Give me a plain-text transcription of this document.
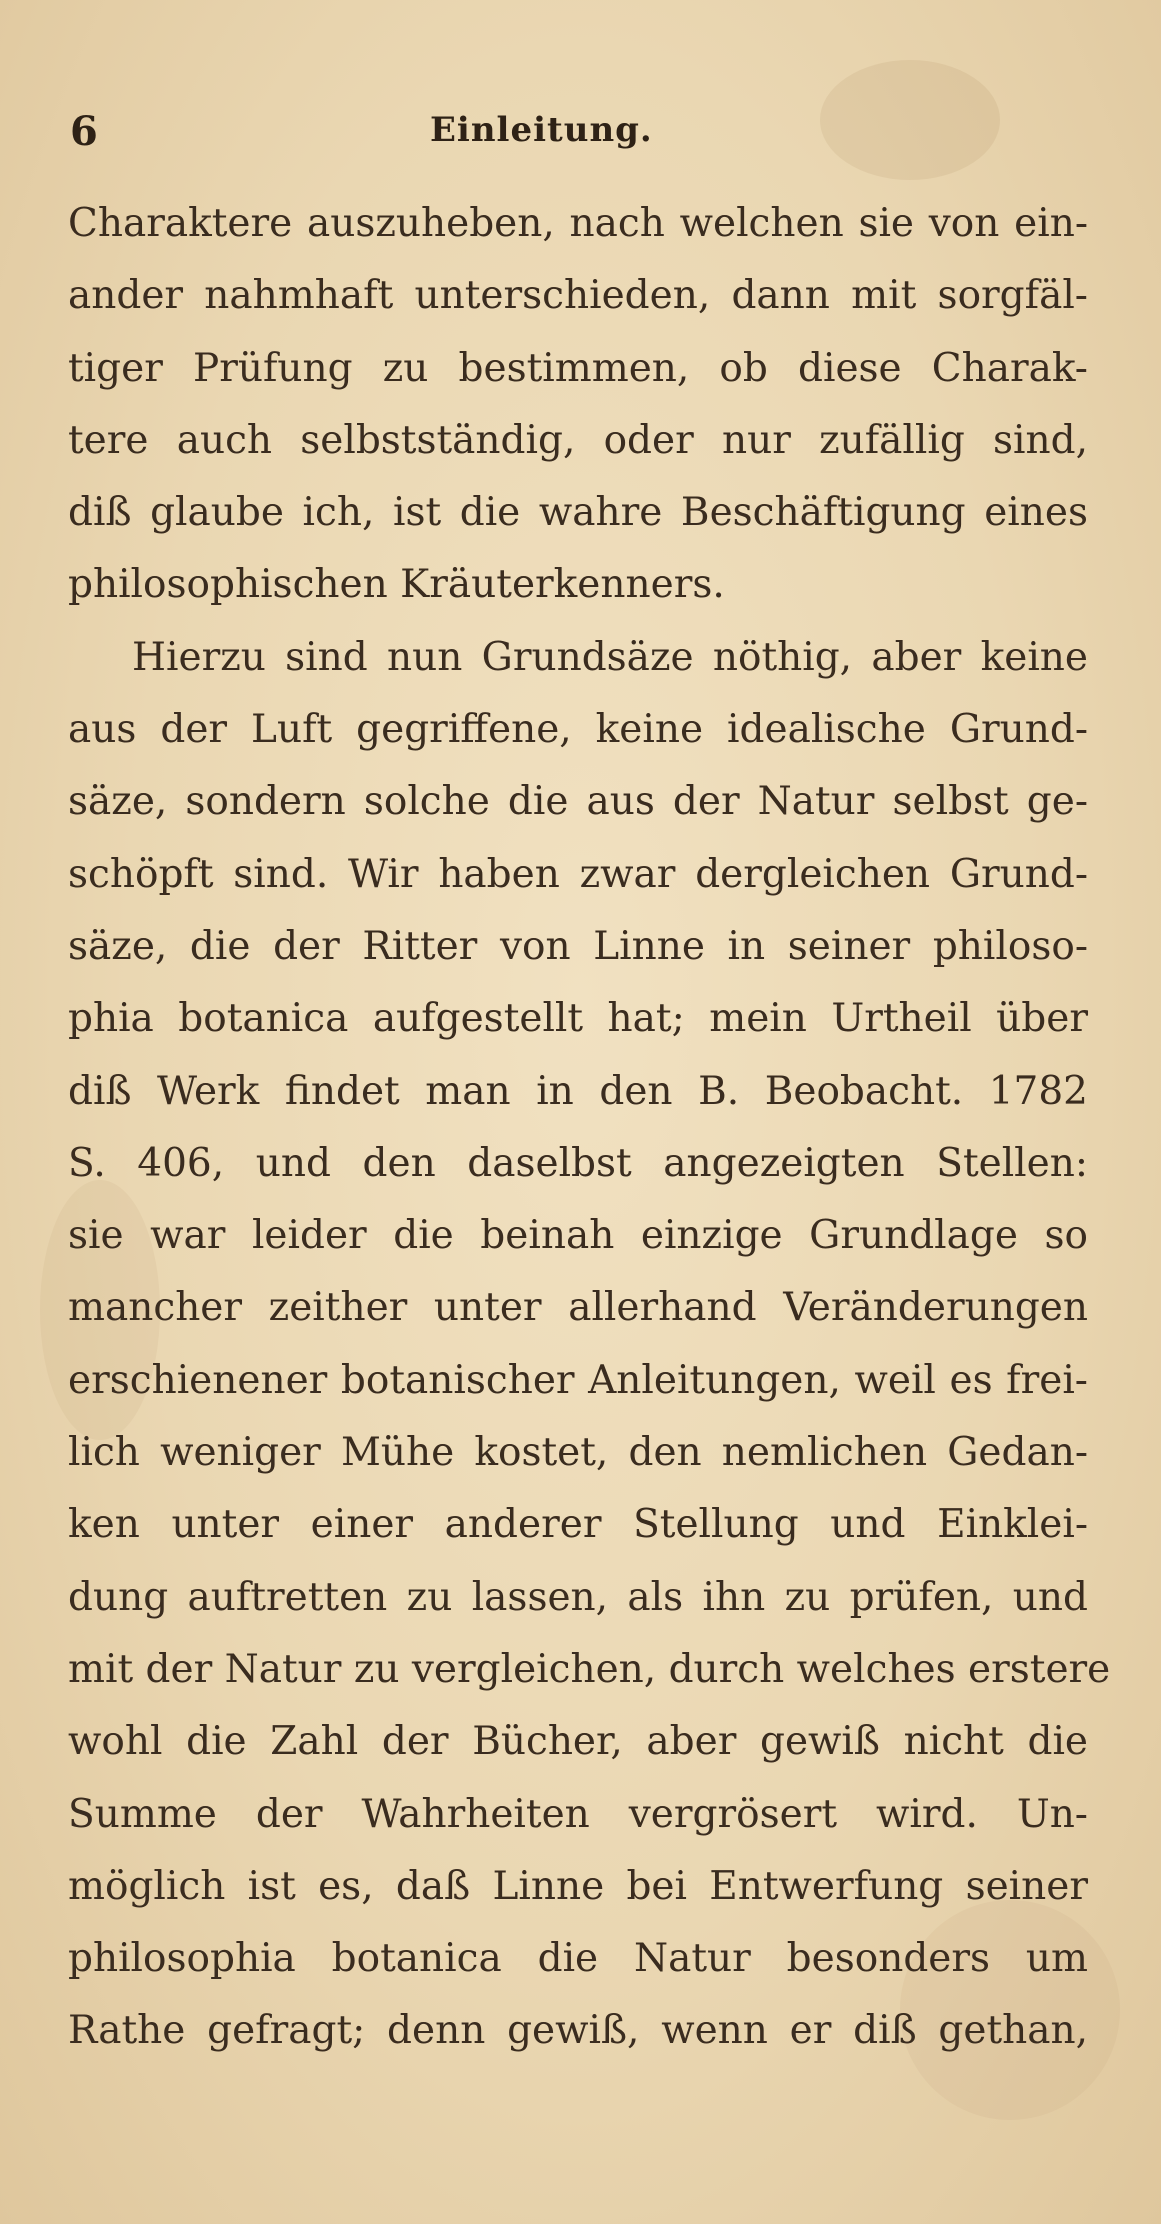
6	Einleitung.
Charaktere auszuheben, nach welchen sie von ein-
ander nahmhaft unterschieden, dann mit sorgfäl-
tiger Prüfung zu bestimmen, ob diese Charak-
tere auch selbstständig, oder nur zufällig sind,
diß glaube ich, ist die wahre Beschäftigung eines
philosophischen Kräuterkenners.
Hierzu sind nun Grundsäze nöthig, aber keine
aus der Luft gegriffene, keine idealische Grund-
säze, sondern solche die aus der Natur selbst ge-
schöpft sind. Wir haben zwar dergleichen Grund-
säze, die der Ritter von Linne in seiner philoso-
phia botanica aufgestellt hat; mein Urtheil über
diß Werk findet man in den B. Beobacht. 1782
S. 406, und den daselbst angezeigten Stellen:
sie war leider die beinah einzige Grundlage so
mancher zeither unter allerhand Veränderungen
erschienener botanischer Anleitungen, weil es frei-
lich weniger Mühe kostet, den nemlichen Gedan-
ken unter einer anderer Stellung und Einklei-
dung auftretten zu lassen, als ihn zu prüfen, und
mit der Natur zu vergleichen, durch welches erstere
wohl die Zahl der Bücher, aber gewiß nicht die
Summe der Wahrheiten vergrösert wird. Un-
möglich ist es, daß Linne bei Entwerfung seiner
philosophia botanica die Natur besonders um
Rathe gefragt; denn gewiß, wenn er diß gethan,
